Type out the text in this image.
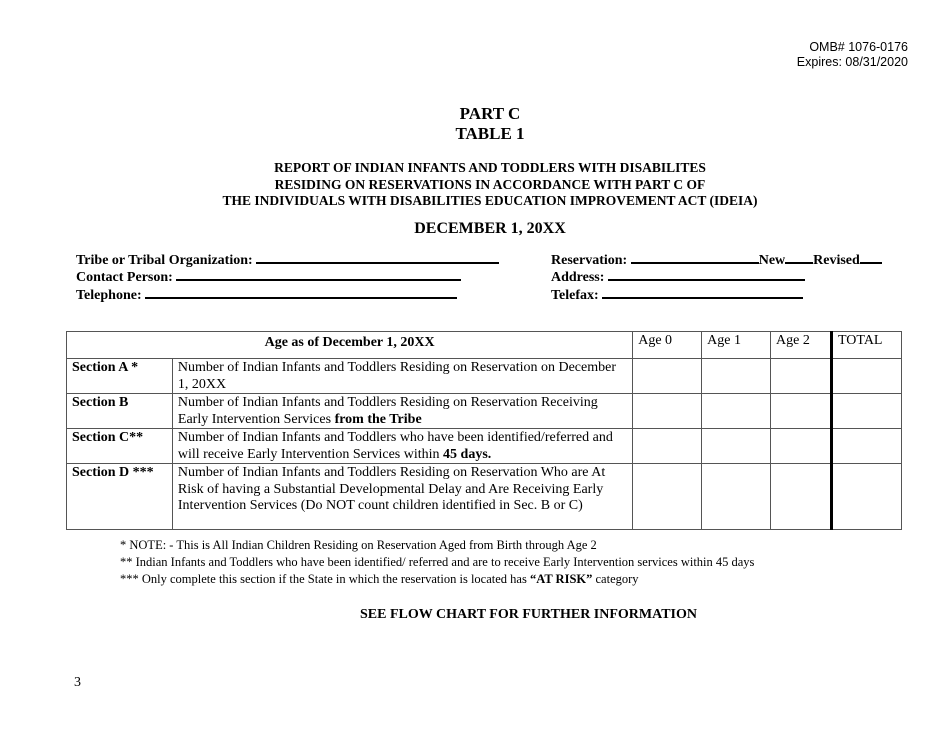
OMB# 1076-0176
Expires: 08/31/2020
PART C
TABLE 1
REPORT OF INDIAN INFANTS AND TODDLERS WITH DISABILITES
RESIDING ON RESERVATIONS IN ACCORDANCE WITH PART C OF
THE INDIVIDUALS WITH DISABILITIES EDUCATION IMPROVEMENT ACT (IDEIA)
DECEMBER 1, 20XX
Tribe or Tribal Organization:
Contact Person:
Telephone:
Reservation:	New Revised
Address:
Telefax:
Age as of December 1, 20XX		Age 0	Age 1	Age 2	TOTAL
Section A *	Number of Indian Infants and Toddlers Residing on Reservation on December 1, 20XX				
Section B	Number of Indian Infants and Toddlers Residing on Reservation Receiving Early Intervention Services from the Tribe				
Section C**	Number of Indian Infants and Toddlers who have been identified/referred and will receive Early Intervention Services within 45 days.				
Section D ***	Number of Indian Infants and Toddlers Residing on Reservation Who are At Risk of having a Substantial Developmental Delay and Are Receiving Early Intervention Services (Do NOT count children identified in Sec. B or C)				
* NOTE: - This is All Indian Children Residing on Reservation Aged from Birth through Age 2
** Indian Infants and Toddlers who have been identified/ referred and are to receive Early Intervention services within 45 days
*** Only complete this section if the State in which the reservation is located has “AT RISK” category
SEE FLOW CHART FOR FURTHER INFORMATION
3
